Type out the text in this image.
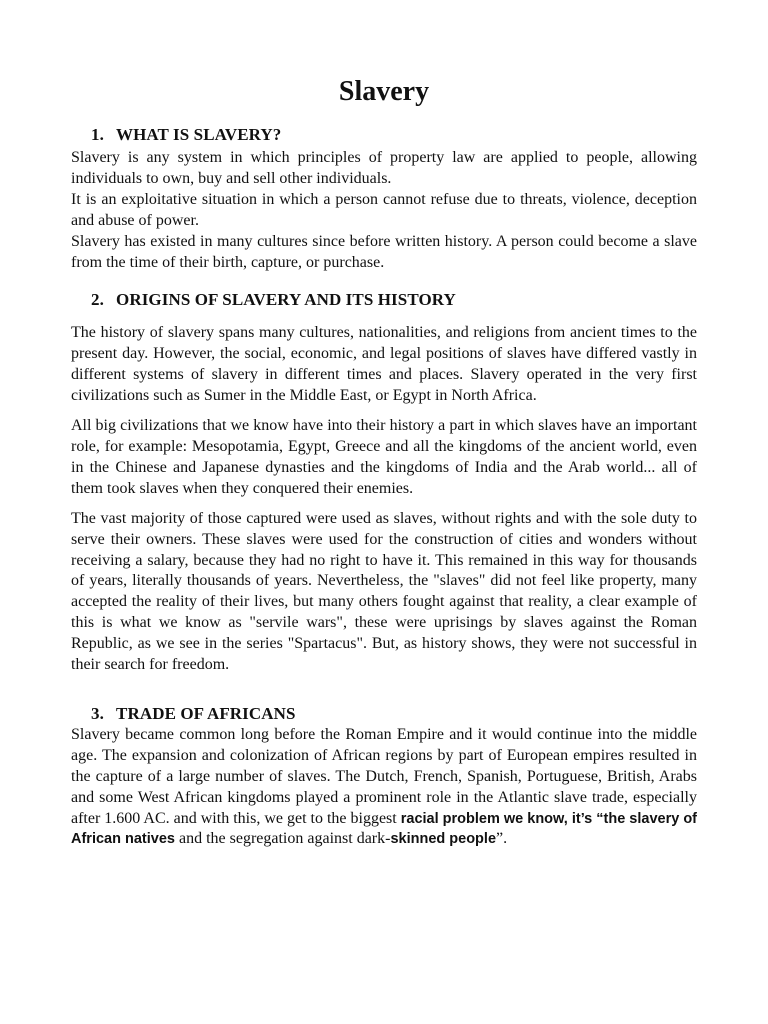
Slavery
1. WHAT IS SLAVERY?

Slavery is any system in which principles of property law are applied to people, allowing individuals to own, buy and sell other individuals.

It is an exploitative situation in which a person cannot refuse due to threats, violence, deception and abuse of power.

Slavery has existed in many cultures since before written history. A person could become a slave from the time of their birth, capture, or purchase.

2. ORIGINS OF SLAVERY AND ITS HISTORY

The history of slavery spans many cultures, nationalities, and religions from ancient times to the present day. However, the social, economic, and legal positions of slaves have differed vastly in different systems of slavery in different times and places. Slavery operated in the very first civilizations such as Sumer in the Middle East, or Egypt in North Africa.

All big civilizations that we know have into their history a part in which slaves have an important role, for example: Mesopotamia, Egypt, Greece and all the kingdoms of the ancient world, even in the Chinese and Japanese dynasties and the kingdoms of India and the Arab world... all of them took slaves when they conquered their enemies.

The vast majority of those captured were used as slaves, without rights and with the sole duty to serve their owners. These slaves were used for the construction of cities and wonders without receiving a salary, because they had no right to have it. This remained in this way for thousands of years, literally thousands of years. Nevertheless, the "slaves" did not feel like property, many accepted the reality of their lives, but many others fought against that reality, a clear example of this is what we know as "servile wars", these were uprisings by slaves against the Roman Republic, as we see in the series "Spartacus". But, as history shows, they were not successful in their search for freedom.

3. TRADE OF AFRICANS

Slavery became common long before the Roman Empire and it would continue into the middle age. The expansion and colonization of African regions by part of European empires resulted in the capture of a large number of slaves. The Dutch, French, Spanish, Portuguese, British, Arabs and some West African kingdoms played a prominent role in the Atlantic slave trade, especially after 1.600 AC. and with this, we get to the biggest racial problem we know, it’s “the slavery of African natives and the segregation against dark-skinned people”.
